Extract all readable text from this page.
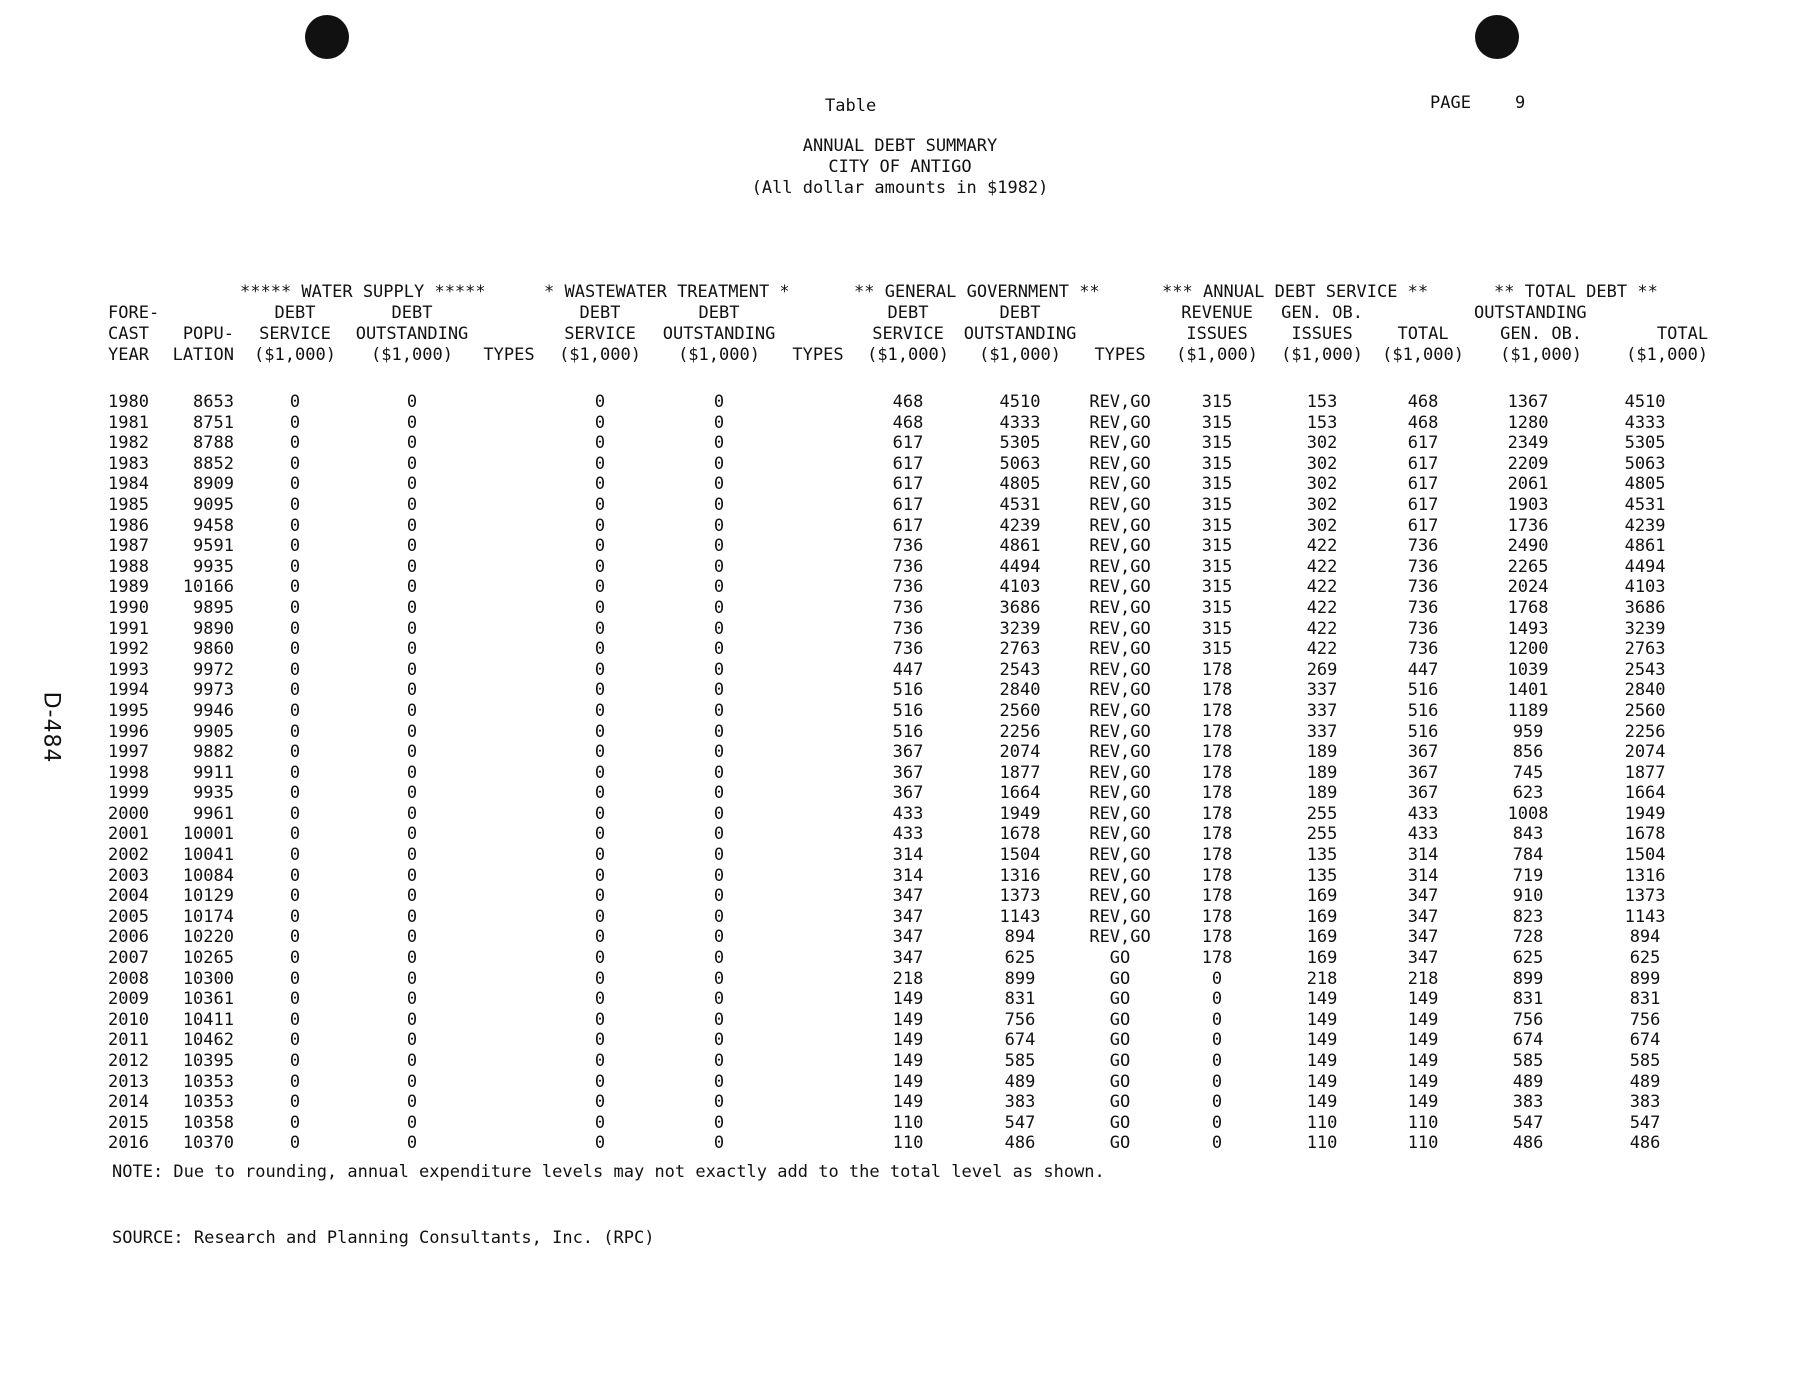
D-484
Table	PAGE	9
ANNUAL DEBT SUMMARY
CITY OF ANTIGO
(All dollar amounts in $1982)
		***** WATER SUPPLY *****			* WASTEWATER TREATMENT *			** GENERAL GOVERNMENT **			*** ANNUAL DEBT SERVICE **			** TOTAL DEBT **	
FORE-		DEBT	DEBT		DEBT	DEBT		DEBT	DEBT		REVENUE	GEN. OB.		OUTSTANDING	
CAST	POPU-	SERVICE	OUTSTANDING		SERVICE	OUTSTANDING		SERVICE	OUTSTANDING		ISSUES	ISSUES	TOTAL	GEN. OB.	TOTAL
YEAR	LATION	($1,000)	($1,000)	TYPES	($1,000)	($1,000)	TYPES	($1,000)	($1,000)	TYPES	($1,000)	($1,000)	($1,000)	($1,000)	($1,000)
1980	8653	0	0		0	0		468	4510	REV,GO	315	153	468	1367	4510
1981	8751	0	0		0	0		468	4333	REV,GO	315	153	468	1280	4333
1982	8788	0	0		0	0		617	5305	REV,GO	315	302	617	2349	5305
1983	8852	0	0		0	0		617	5063	REV,GO	315	302	617	2209	5063
1984	8909	0	0		0	0		617	4805	REV,GO	315	302	617	2061	4805
1985	9095	0	0		0	0		617	4531	REV,GO	315	302	617	1903	4531
1986	9458	0	0		0	0		617	4239	REV,GO	315	302	617	1736	4239
1987	9591	0	0		0	0		736	4861	REV,GO	315	422	736	2490	4861
1988	9935	0	0		0	0		736	4494	REV,GO	315	422	736	2265	4494
1989	10166	0	0		0	0		736	4103	REV,GO	315	422	736	2024	4103
1990	9895	0	0		0	0		736	3686	REV,GO	315	422	736	1768	3686
1991	9890	0	0		0	0		736	3239	REV,GO	315	422	736	1493	3239
1992	9860	0	0		0	0		736	2763	REV,GO	315	422	736	1200	2763
1993	9972	0	0		0	0		447	2543	REV,GO	178	269	447	1039	2543
1994	9973	0	0		0	0		516	2840	REV,GO	178	337	516	1401	2840
1995	9946	0	0		0	0		516	2560	REV,GO	178	337	516	1189	2560
1996	9905	0	0		0	0		516	2256	REV,GO	178	337	516	959	2256
1997	9882	0	0		0	0		367	2074	REV,GO	178	189	367	856	2074
1998	9911	0	0		0	0		367	1877	REV,GO	178	189	367	745	1877
1999	9935	0	0		0	0		367	1664	REV,GO	178	189	367	623	1664
2000	9961	0	0		0	0		433	1949	REV,GO	178	255	433	1008	1949
2001	10001	0	0		0	0		433	1678	REV,GO	178	255	433	843	1678
2002	10041	0	0		0	0		314	1504	REV,GO	178	135	314	784	1504
2003	10084	0	0		0	0		314	1316	REV,GO	178	135	314	719	1316
2004	10129	0	0		0	0		347	1373	REV,GO	178	169	347	910	1373
2005	10174	0	0		0	0		347	1143	REV,GO	178	169	347	823	1143
2006	10220	0	0		0	0		347	894	REV,GO	178	169	347	728	894
2007	10265	0	0		0	0		347	625	GO	178	169	347	625	625
2008	10300	0	0		0	0		218	899	GO	0	218	218	899	899
2009	10361	0	0		0	0		149	831	GO	0	149	149	831	831
2010	10411	0	0		0	0		149	756	GO	0	149	149	756	756
2011	10462	0	0		0	0		149	674	GO	0	149	149	674	674
2012	10395	0	0		0	0		149	585	GO	0	149	149	585	585
2013	10353	0	0		0	0		149	489	GO	0	149	149	489	489
2014	10353	0	0		0	0		149	383	GO	0	149	149	383	383
2015	10358	0	0		0	0		110	547	GO	0	110	110	547	547
2016	10370	0	0		0	0		110	486	GO	0	110	110	486	486
NOTE: Due to rounding, annual expenditure levels may not exactly add to the total level as shown.
SOURCE: Research and Planning Consultants, Inc. (RPC)
